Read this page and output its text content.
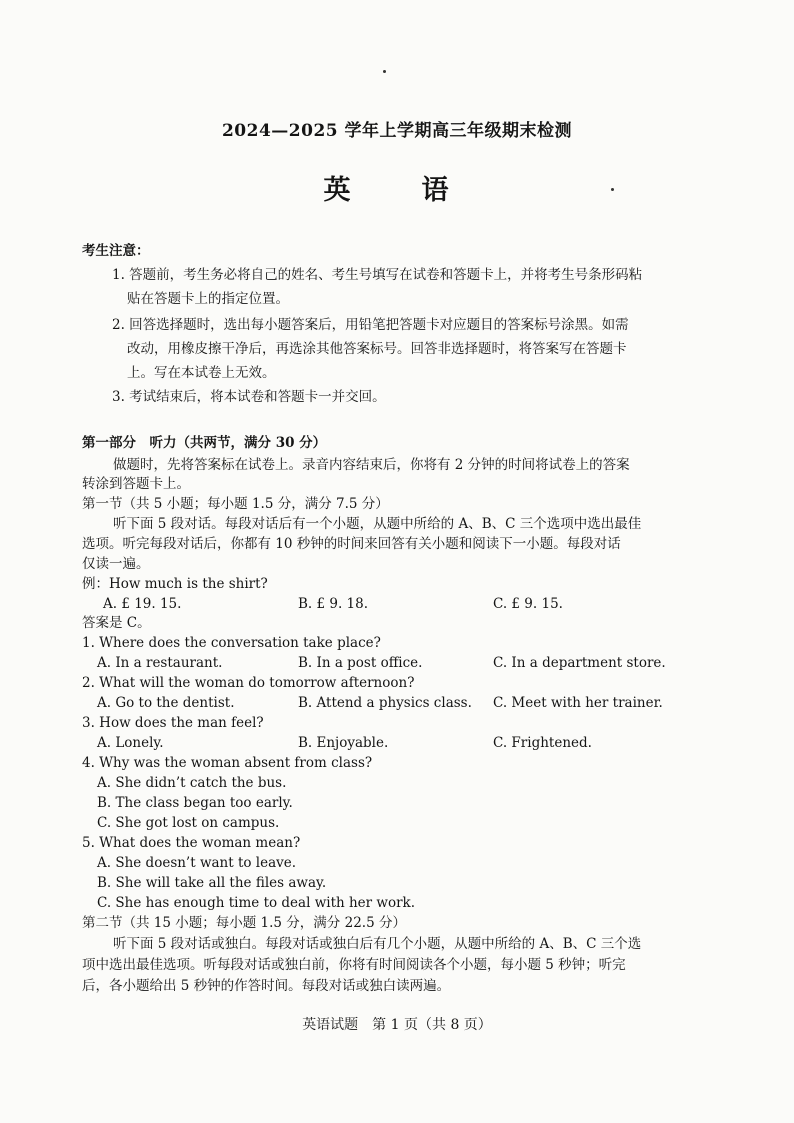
2024—2025 学年上学期高三年级期末检测
英　语
考生注意：
1. 答题前，考生务必将自己的姓名、考生号填写在试卷和答题卡上，并将考生号条形码粘
贴在答题卡上的指定位置。
2. 回答选择题时，选出每小题答案后，用铅笔把答题卡对应题目的答案标号涂黑。如需
改动，用橡皮擦干净后，再选涂其他答案标号。回答非选择题时，将答案写在答题卡
上。写在本试卷上无效。
3. 考试结束后，将本试卷和答题卡一并交回。
第一部分　听力（共两节，满分 30 分）
做题时，先将答案标在试卷上。录音内容结束后，你将有 2 分钟的时间将试卷上的答案
转涂到答题卡上。
第一节（共 5 小题；每小题 1.5 分，满分 7.5 分）
听下面 5 段对话。每段对话后有一个小题，从题中所给的 A、B、C 三个选项中选出最佳
选项。听完每段对话后，你都有 10 秒钟的时间来回答有关小题和阅读下一小题。每段对话
仅读一遍。
例：How much is the shirt?
A. £ 19. 15.	B. £ 9. 18.	C. £ 9. 15.
答案是 C。
1. Where does the conversation take place?
A. In a restaurant.	B. In a post office.	C. In a department store.
2. What will the woman do tomorrow afternoon?
A. Go to the dentist.	B. Attend a physics class. C. Meet with her trainer.
3. How does the man feel?
A. Lonely.	B. Enjoyable.	C. Frightened.
4. Why was the woman absent from class?
A. She didn’t catch the bus.
B. The class began too early.
C. She got lost on campus.
5. What does the woman mean?
A. She doesn’t want to leave.
B. She will take all the files away.
C. She has enough time to deal with her work.
第二节（共 15 小题；每小题 1.5 分，满分 22.5 分）
听下面 5 段对话或独白。每段对话或独白后有几个小题，从题中所给的 A、B、C 三个选
项中选出最佳选项。听每段对话或独白前，你将有时间阅读各个小题，每小题 5 秒钟；听完
后，各小题给出 5 秒钟的作答时间。每段对话或独白读两遍。
英语试题　第 1 页（共 8 页）
